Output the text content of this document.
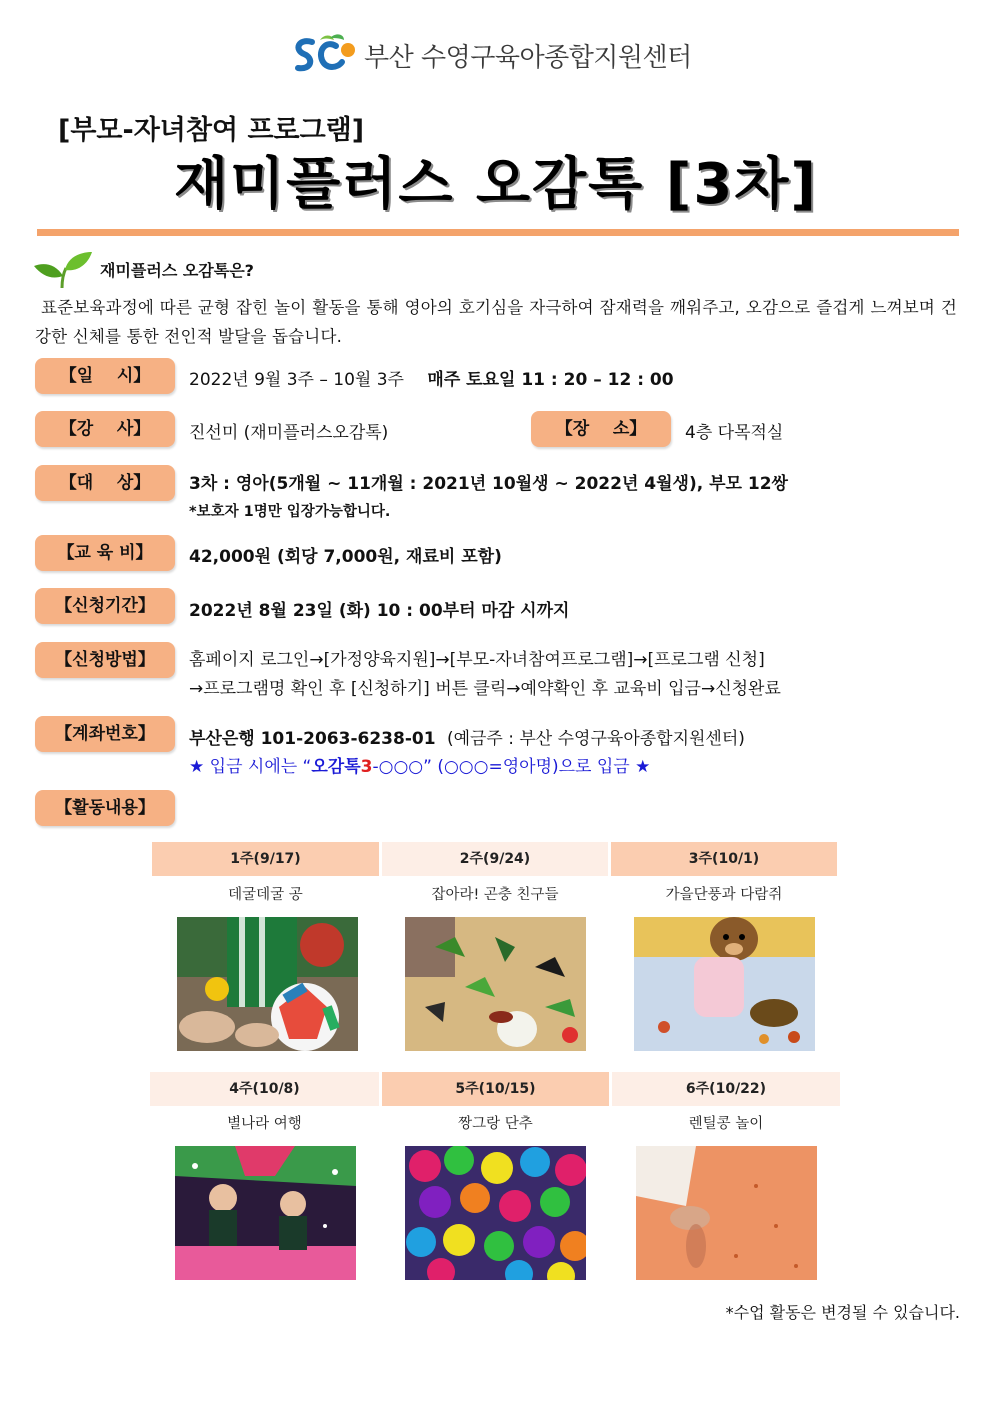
부산 수영구육아종합지원센터
[부모-자녀참여 프로그램]
재미플러스 오감톡 [3차]
재미플러스 오감톡은?
표준보육과정에 따른 균형 잡힌 놀이 활동을 통해 영아의 호기심을 자극하여 잠재력을 깨워주고, 오감으로 즐겁게 느껴보며 건강한 신체를 통한 전인적 발달을 돕습니다.
【일    시】	2022년 9월 3주 – 10월 3주 매주 토요일 11 : 20 – 12 : 00
【강    사】	진선미 (재미플러스오감톡)	【장    소】	4층 다목적실
【대    상】	3차 : 영아(5개월 ~ 11개월 : 2021년 10월생 ~ 2022년 4월생), 부모 12쌍
*보호자 1명만 입장가능합니다.
【교 육 비】	42,000원 (회당 7,000원, 재료비 포함)
【신청기간】	2022년 8월 23일 (화) 10 : 00부터 마감 시까지
【신청방법】	홈페이지 로그인→[가정양육지원]→[부모-자녀참여프로그램]→[프로그램 신청]
→프로그램명 확인 후 [신청하기] 버튼 클릭→예약확인 후 교육비 입금→신청완료
【계좌번호】	부산은행 101-2063-6238-01 (예금주 : 부산 수영구육아종합지원센터)
★ 입금 시에는 “오감톡3-○○○” (○○○=영아명)으로 입금 ★
【활동내용】
1주(9/17)	2주(9/24)	3주(10/1)
데굴데굴 공	잡아라! 곤충 친구들	가을단풍과 다람쥐
4주(10/8)	5주(10/15)	6주(10/22)
별나라 여행	짱그랑 단추	렌틸콩 놀이
*수업 활동은 변경될 수 있습니다.
